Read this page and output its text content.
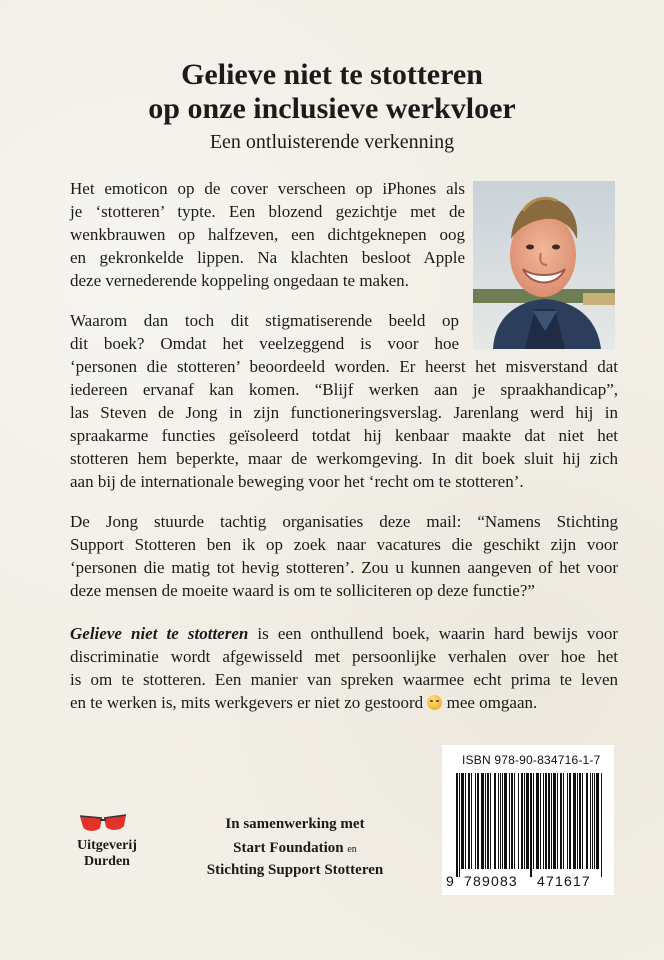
Gelieve niet te stotteren
op onze inclusieve werkvloer
Een ontluisterende verkenning
Het emoticon op de cover verscheen op iPhones als
je ‘stotteren’ typte. Een blozend gezichtje met de
wenkbrauwen op halfzeven, een dichtgeknepen oog
en gekronkelde lippen. Na klachten besloot Apple
deze vernederende koppeling ongedaan te maken.
Waarom dan toch dit stigmatiserende beeld op
dit boek? Omdat het veelzeggend is voor hoe
‘personen die stotteren’ beoordeeld worden. Er heerst het misverstand dat
iedereen ervanaf kan komen. “Blijf werken aan je spraakhandicap”,
las Steven de Jong in zijn functioneringsverslag. Jarenlang werd hij in
spraakarme functies geïsoleerd totdat hij kenbaar maakte dat niet het
stotteren hem beperkte, maar de werkomgeving. In dit boek sluit hij zich
aan bij de internationale beweging voor het ‘recht om te stotteren’.
De Jong stuurde tachtig organisaties deze mail: “Namens Stichting
Support Stotteren ben ik op zoek naar vacatures die geschikt zijn voor
‘personen die matig tot hevig stotteren’. Zou u kunnen aangeven of het voor
deze mensen de moeite waard is om te solliciteren op deze functie?”
Gelieve niet te stotteren is een onthullend boek, waarin hard bewijs voor
discriminatie wordt afgewisseld met persoonlijke verhalen over hoe het
is om te stotteren. Een manier van spreken waarmee echt prima te leven
en te werken is, mits werkgevers er niet zo gestoord  mee omgaan.
Uitgeverij
Durden
In samenwerking met
Start Foundation en
Stichting Support Stotteren
ISBN 978-90-834716-1-7
9 789083 471617
